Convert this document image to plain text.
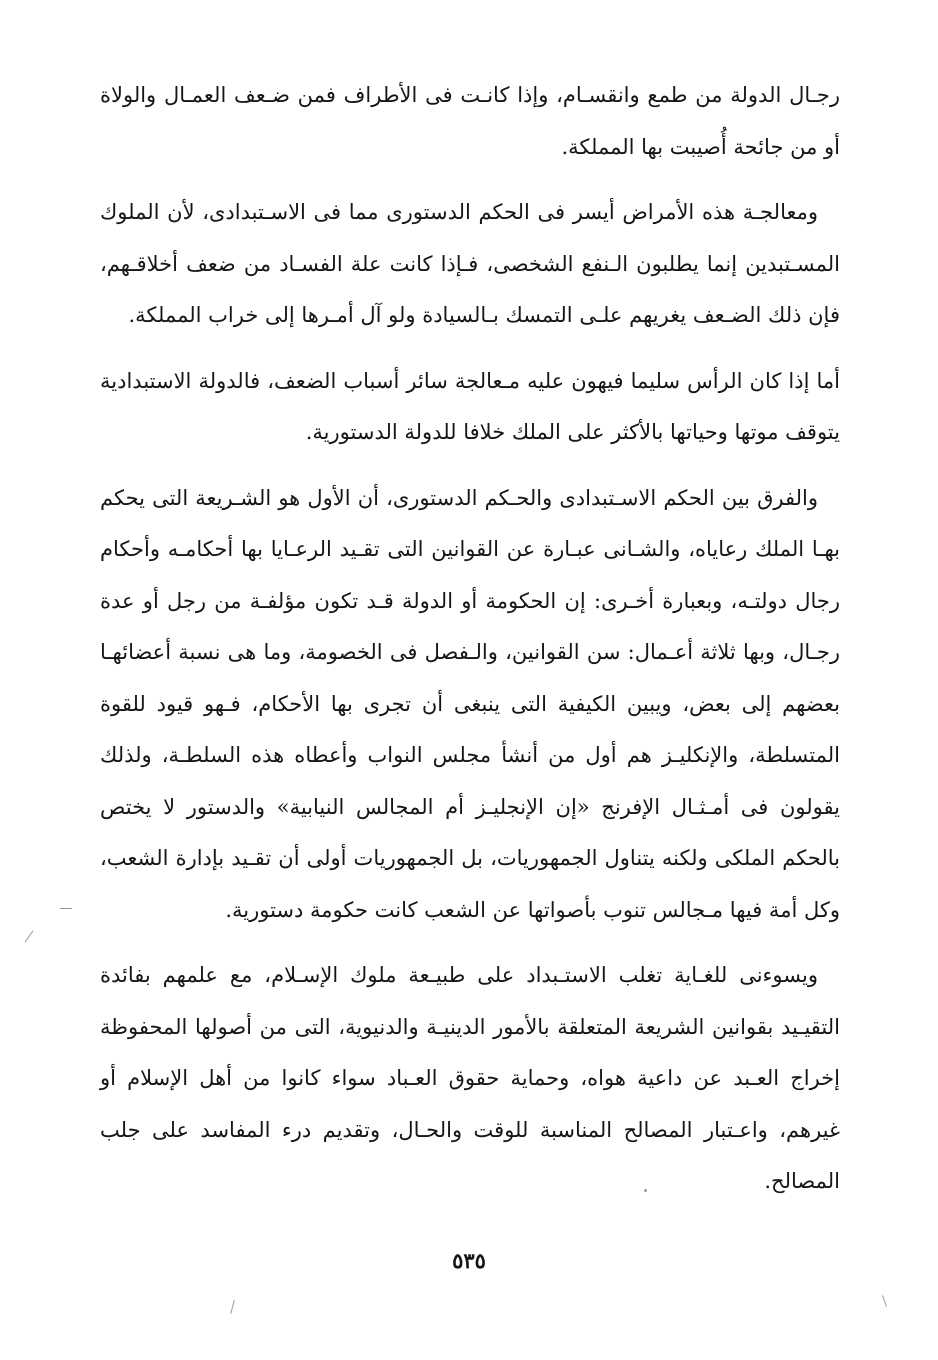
رجـال الدولة من طمع وانقسـام، وإذا كانـت فى الأطراف فمن ضـعف العمـال والولاة أو من جائحة أُصيبت بها المملكة.

ومعالجـة هذه الأمراض أيسر فى الحكم الدستورى مما فى الاسـتبدادى، لأن الملوك المسـتبدين إنما يطلبون الـنفع الشخصى، فـإذا كانت علة الفسـاد من ضعف أخلاقـهم، فإن ذلك الضـعف يغريهم علـى التمسك بـالسيادة ولو آل أمـرها إلى خراب المملكة.

أما إذا كان الرأس سليما فيهون عليه مـعالجة سائر أسباب الضعف، فالدولة الاستبدادية يتوقف موتها وحياتها بالأكثر على الملك خلافا للدولة الدستورية.

والفرق بين الحكم الاسـتبدادى والحـكم الدستورى، أن الأول هو الشـريعة التى يحكم بهـا الملك رعاياه، والشـانى عبـارة عن القوانين التى تقـيد الرعـايا بها أحكامـه وأحكام رجال دولتـه، وبعبارة أخـرى: إن الحكومة أو الدولة قـد تكون مؤلفـة من رجل أو عدة رجـال، وبها ثلاثة أعـمال: سن القوانين، والـفصل فى الخصومة، وما هى نسبة أعضائهـا بعضهم إلى بعض، ويبين الكيفية التى ينبغى أن تجرى بها الأحكام، فـهو قيود للقوة المتسلطة، والإنكليـز هم أول من أنشأ مجلس النواب وأعطاه هذه السلطـة، ولذلك يقولون فى أمـثـال الإفرنج «إن الإنجليـز أم المجالس النيابية» والدستور لا يختص بالحكم الملكى ولكنه يتناول الجمهوريات، بل الجمهوريات أولى أن تقـيد بإدارة الشعب، وكل أمة فيها مـجالس تنوب بأصواتها عن الشعب كانت حكومة دستورية.

ويسوءنى للغـاية تغلب الاستـبداد على طبيـعة ملوك الإسـلام، مع علمهم بفائدة التقيـيد بقوانين الشريعة المتعلقة بالأمور الدينيـة والدنيوية، التى من أصولها المحفوظة إخراج العـبد عن داعية هواه، وحماية حقوق العـباد سواء كانوا من أهل الإسلام أو غيرهم، واعـتبار المصالح المناسبة للوقت والحـال، وتقديم درء المفاسد على جلب المصالح.

٥٣٥
